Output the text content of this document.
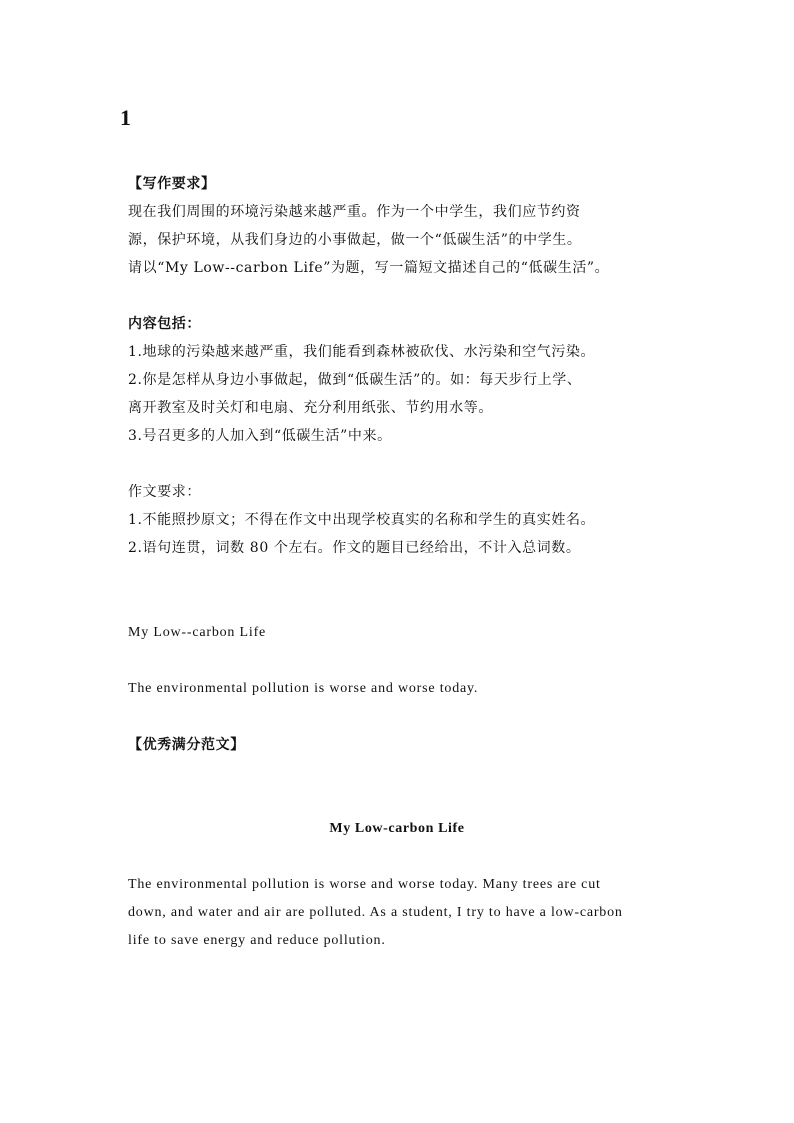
1
【写作要求】
现在我们周围的环境污染越来越严重。作为一个中学生，我们应节约资
源，保护环境，从我们身边的小事做起，做一个“低碳生活”的中学生。
请以“My Low--carbon Life”为题，写一篇短文描述自己的“低碳生活”。
内容包括：
1.地球的污染越来越严重，我们能看到森林被砍伐、水污染和空气污染。
2.你是怎样从身边小事做起，做到“低碳生活”的。如：每天步行上学、
离开教室及时关灯和电扇、充分利用纸张、节约用水等。
3.号召更多的人加入到“低碳生活”中来。
作文要求：
1.不能照抄原文；不得在作文中出现学校真实的名称和学生的真实姓名。
2.语句连贯，词数 80 个左右。作文的题目已经给出，不计入总词数。
My Low--carbon Life
The environmental pollution is worse and worse today.
【优秀满分范文】
My Low-carbon Life
The environmental pollution is worse and worse today. Many trees are cut
down, and water and air are polluted. As a student, I try to have a low-carbon
life to save energy and reduce pollution.
